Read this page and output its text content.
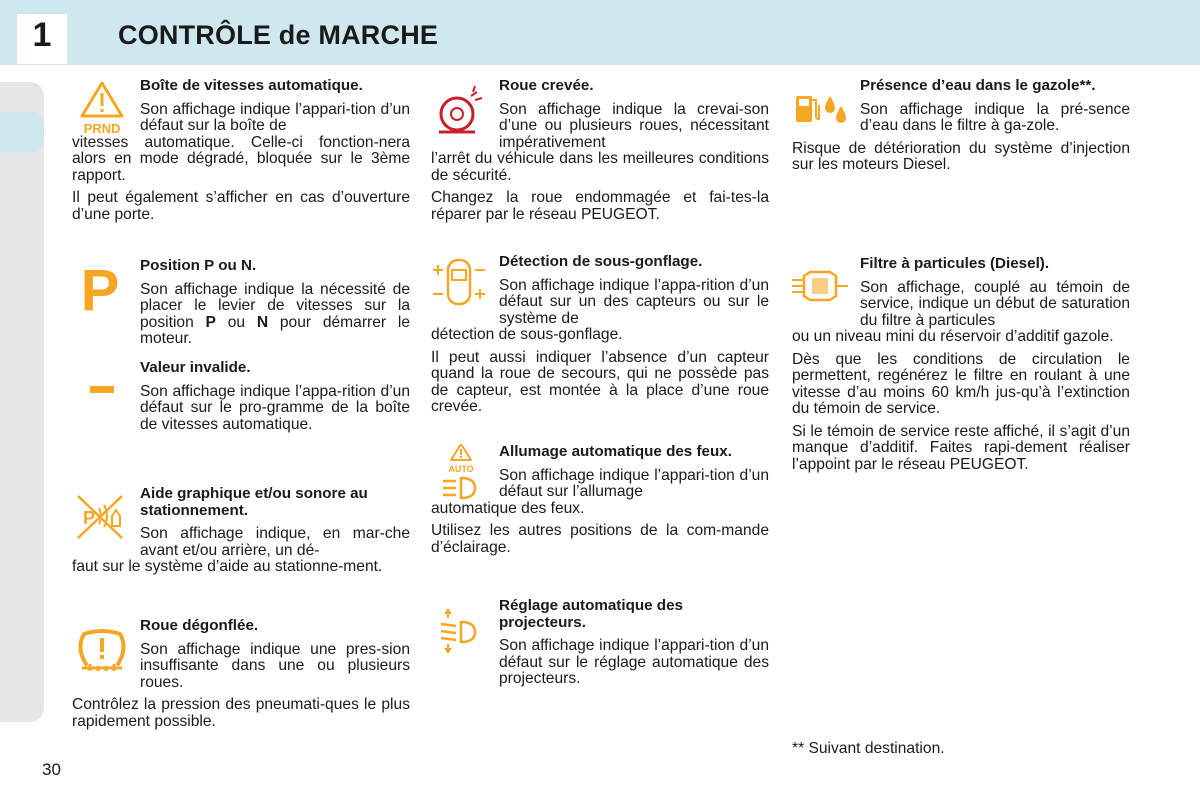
1	CONTRÔLE de MARCHE
PRND
Boîte de vitesses automatique.
Son affichage indique l’appari-tion d’un défaut sur la boîte de
vitesses automatique. Celle-ci fonction-nera alors en mode dégradé, bloquée sur le 3ème rapport.
Il peut également s’afficher en cas d’ouverture d’une porte.
P Position P ou N.
Son affichage indique la nécessité de placer le levier de vitesses sur la position P ou N pour démarrer le moteur.
Valeur invalide.
Son affichage indique l’appa-rition d’un défaut sur le pro-gramme de la boîte de vitesses automatique.
P
Aide graphique et/ou sonore au stationnement.
Son affichage indique, en mar-che avant et/ou arrière, un dé-
faut sur le système d’aide au stationne-ment.
Roue dégonflée.
Son affichage indique une pres-sion insuffisante dans une ou plusieurs roues.
Contrôlez la pression des pneumati-ques le plus rapidement possible.
Roue crevée.
Son affichage indique la crevai-son d’une ou plusieurs roues, nécessitant impérativement
l’arrêt du véhicule dans les meilleures conditions de sécurité.
Changez la roue endommagée et fai-tes-la réparer par le réseau PEUGEOT.
Détection de sous-gonflage.
Son affichage indique l’appa-rition d’un défaut sur un des capteurs ou sur le système de
détection de sous-gonflage.
Il peut aussi indiquer l’absence d’un capteur quand la roue de secours, qui ne possède pas de capteur, est montée à la place d’une roue crevée.
AUTO
Allumage automatique des feux.
Son affichage indique l’appari-tion d’un défaut sur l’allumage
automatique des feux.
Utilisez les autres positions de la com-mande d’éclairage.
Réglage automatique des projecteurs.
Son affichage indique l’appari-tion d’un défaut sur le réglage automatique des projecteurs.
Présence d’eau dans le gazole**.
Son affichage indique la pré-sence d’eau dans le filtre à ga-zole.
Risque de détérioration du système d’injection sur les moteurs Diesel.
Filtre à particules (Diesel).
Son affichage, couplé au témoin de service, indique un début de saturation du filtre à particules
ou un niveau mini du réservoir d’additif gazole.
Dès que les conditions de circulation le permettent, regénérez le filtre en roulant à une vitesse d’au moins 60 km/h jus-qu’à l’extinction du témoin de service.
Si le témoin de service reste affiché, il s’agit d’un manque d’additif. Faites rapi-dement réaliser l’appoint par le réseau PEUGEOT.
** Suivant destination.
30
